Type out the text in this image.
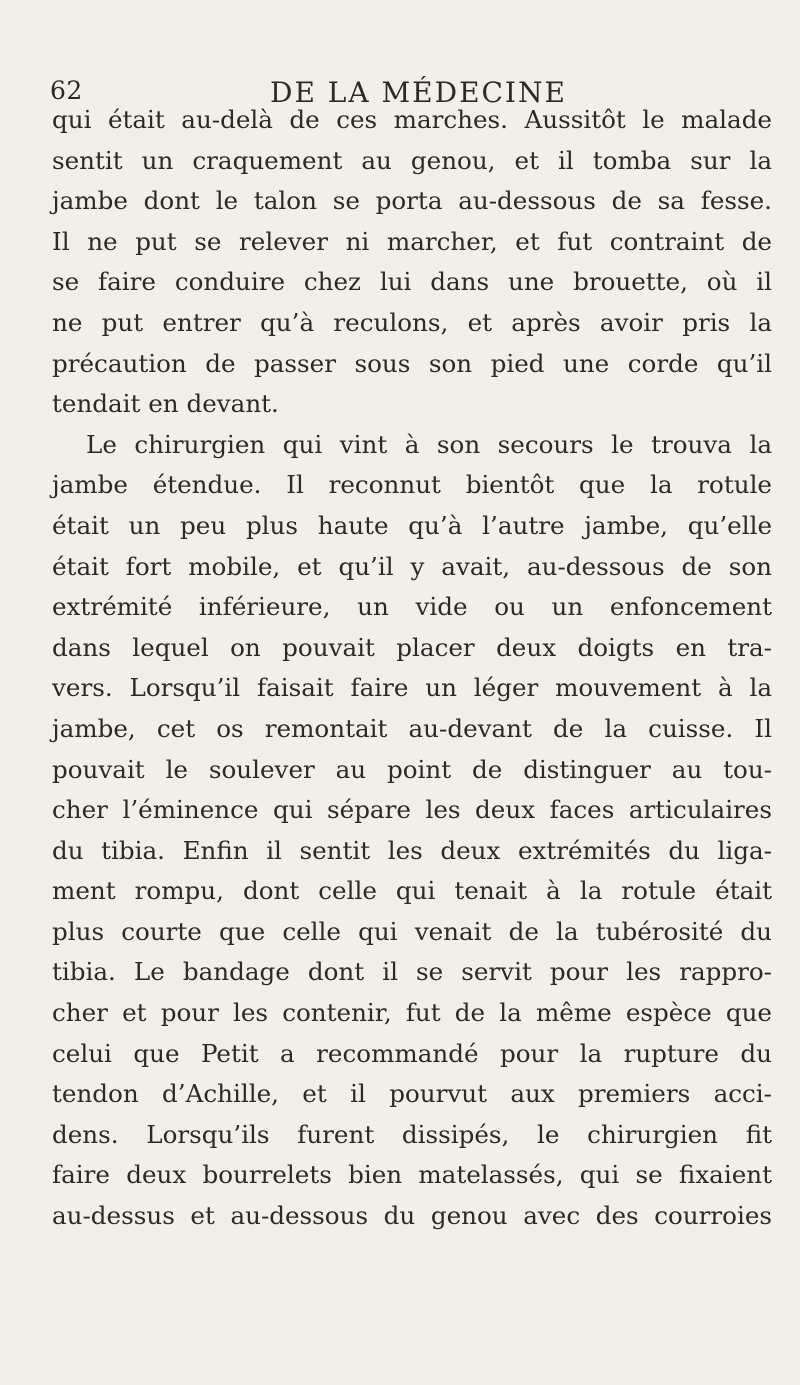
62	DE LA MÉDECINE
qui était au-delà de ces marches. Aussitôt le malade
sentit un craquement au genou, et il tomba sur la
jambe dont le talon se porta au-dessous de sa fesse.
Il ne put se relever ni marcher, et fut contraint de
se faire conduire chez lui dans une brouette, où il
ne put entrer qu’à reculons, et après avoir pris la
précaution de passer sous son pied une corde qu’il
tendait en devant.
Le chirurgien qui vint à son secours le trouva la
jambe étendue. Il reconnut bientôt que la rotule
était un peu plus haute qu’à l’autre jambe, qu’elle
était fort mobile, et qu’il y avait, au-dessous de son
extrémité inférieure, un vide ou un enfoncement
dans lequel on pouvait placer deux doigts en tra-
vers. Lorsqu’il faisait faire un léger mouvement à la
jambe, cet os remontait au-devant de la cuisse. Il
pouvait le soulever au point de distinguer au tou-
cher l’éminence qui sépare les deux faces articulaires
du tibia. Enfin il sentit les deux extrémités du liga-
ment rompu, dont celle qui tenait à la rotule était
plus courte que celle qui venait de la tubérosité du
tibia. Le bandage dont il se servit pour les rappro-
cher et pour les contenir, fut de la même espèce que
celui que Petit a recommandé pour la rupture du
tendon d’Achille, et il pourvut aux premiers acci-
dens. Lorsqu’ils furent dissipés, le chirurgien fit
faire deux bourrelets bien matelassés, qui se fixaient
au-dessus et au-dessous du genou avec des courroies
